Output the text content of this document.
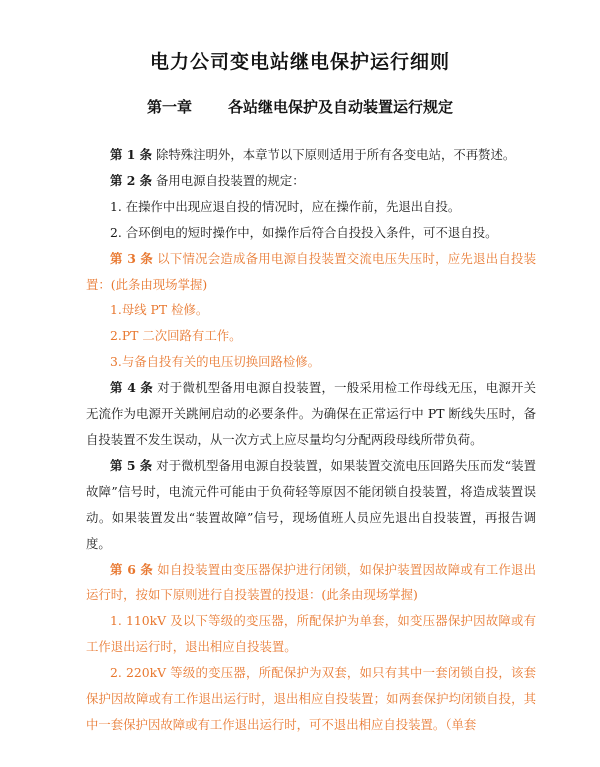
电力公司变电站继电保护运行细则
第一章 各站继电保护及自动装置运行规定

第 1 条 除特殊注明外，本章节以下原则适用于所有各变电站，不再赘述。

第 2 条 备用电源自投装置的规定：

1. 在操作中出现应退自投的情况时，应在操作前，先退出自投。

2. 合环倒电的短时操作中，如操作后符合自投投入条件，可不退自投。

第 3 条 以下情况会造成备用电源自投装置交流电压失压时，应先退出自投装置：(此条由现场掌握)

1.母线 PT 检修。

2.PT 二次回路有工作。

3.与备自投有关的电压切换回路检修。

第 4 条 对于微机型备用电源自投装置，一般采用检工作母线无压，电源开关无流作为电源开关跳闸启动的必要条件。为确保在正常运行中 PT 断线失压时，备自投装置不发生误动，从一次方式上应尽量均匀分配两段母线所带负荷。

第 5 条 对于微机型备用电源自投装置，如果装置交流电压回路失压而发“装置故障”信号时，电流元件可能由于负荷轻等原因不能闭锁自投装置，将造成装置误动。如果装置发出“装置故障”信号，现场值班人员应先退出自投装置，再报告调度。

第 6 条 如自投装置由变压器保护进行闭锁，如保护装置因故障或有工作退出运行时，按如下原则进行自投装置的投退：(此条由现场掌握)

1. 110kV 及以下等级的变压器，所配保护为单套，如变压器保护因故障或有工作退出运行时，退出相应自投装置。

2. 220kV 等级的变压器，所配保护为双套，如只有其中一套闭锁自投，该套保护因故障或有工作退出运行时，退出相应自投装置；如两套保护均闭锁自投，其中一套保护因故障或有工作退出运行时，可不退出相应自投装置。（单套
